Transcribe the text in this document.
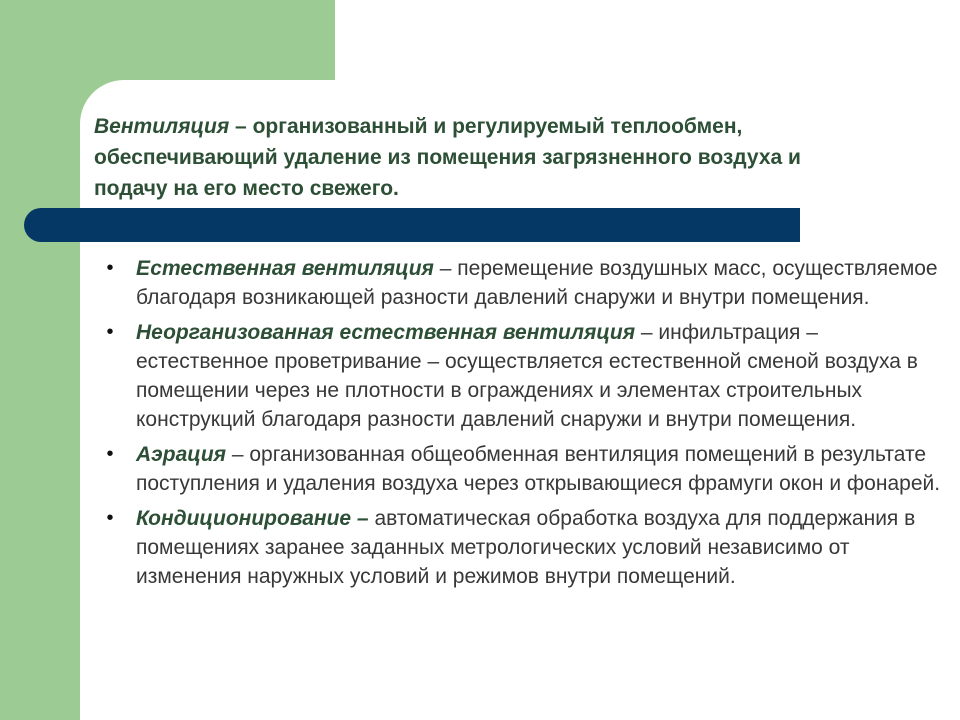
Вентиляция – организованный и регулируемый теплообмен, обеспечивающий удаление из помещения загрязненного воздуха и подачу на его место свежего.
•	Естественная вентиляция – перемещение воздушных масс, осуществляемое благодаря возникающей разности давлений снаружи и внутри помещения.
•	Неорганизованная естественная вентиляция – инфильтрация – естественное проветривание – осуществляется естественной сменой воздуха в помещении через не плотности в ограждениях и элементах строительных конструкций благодаря разности давлений снаружи и внутри помещения.
•	Аэрация – организованная общеобменная вентиляция помещений в результате поступления и удаления воздуха через открывающиеся фрамуги окон и фонарей.
•	Кондиционирование – автоматическая обработка воздуха для поддержания в помещениях заранее заданных метрологических условий независимо от изменения наружных условий и режимов внутри помещений.
